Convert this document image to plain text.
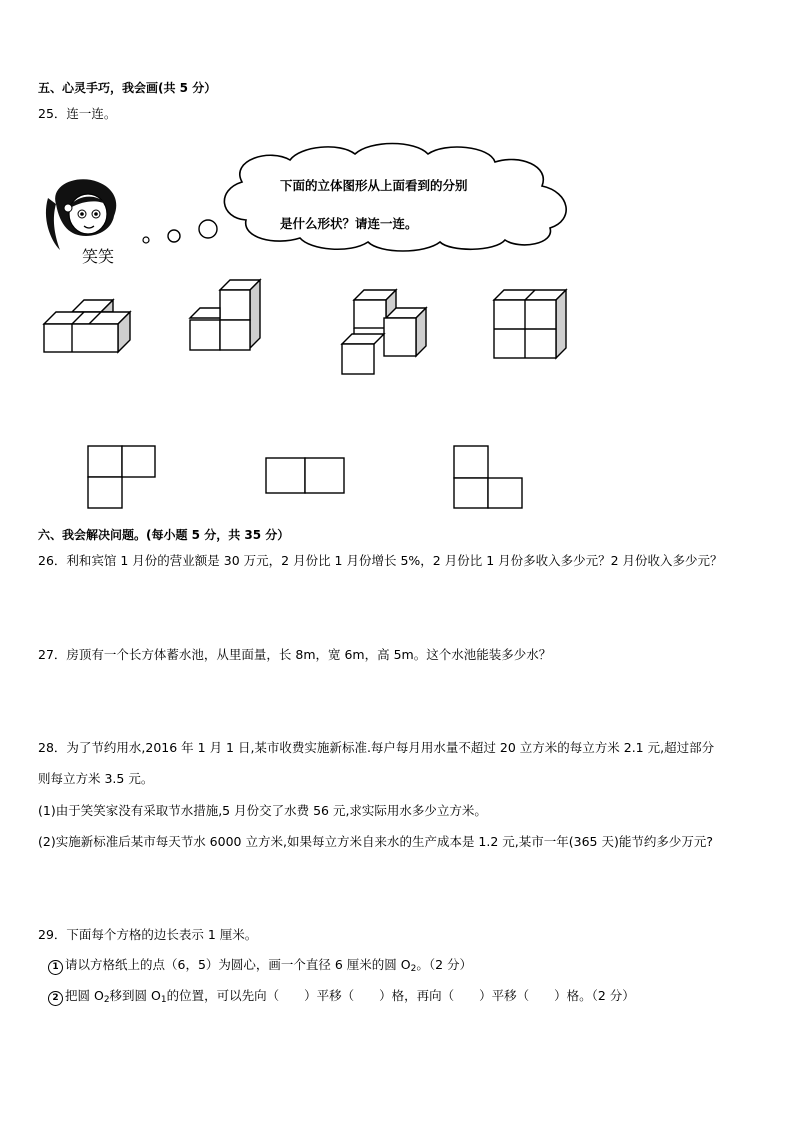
五、心灵手巧，我会画(共 5 分）
25．连一连。
下面的立体图形从上面看到的分别
是什么形状？请连一连。
笑笑
六、我会解决问题。(每小题 5 分，共 35 分）
26．利和宾馆 1 月份的营业额是 30 万元，2 月份比 1 月份增长 5%，2 月份比 1 月份多收入多少元？2 月份收入多少元？
27．房顶有一个长方体蓄水池，从里面量，长 8m，宽 6m，高 5m。这个水池能装多少水？
28．为了节约用水,2016 年 1 月 1 日,某市收费实施新标准.每户每月用水量不超过 20 立方米的每立方米 2.1 元,超过部分
则每立方米 3.5 元。
(1)由于笑笑家没有采取节水措施,5 月份交了水费 56 元,求实际用水多少立方米。
(2)实施新标准后某市每天节水 6000 立方米,如果每立方米自来水的生产成本是 1.2 元,某市一年(365 天)能节约多少万元?
29．下面每个方格的边长表示 1 厘米。
1 请以方格纸上的点（6，5）为圆心，画一个直径 6 厘米的圆 $O_2$。（2 分）
2 把圆 $O_2$移到圆 $O_1$的位置，可以先向（　　）平移（　　）格，再向（　　）平移（　　）格。（2 分）
